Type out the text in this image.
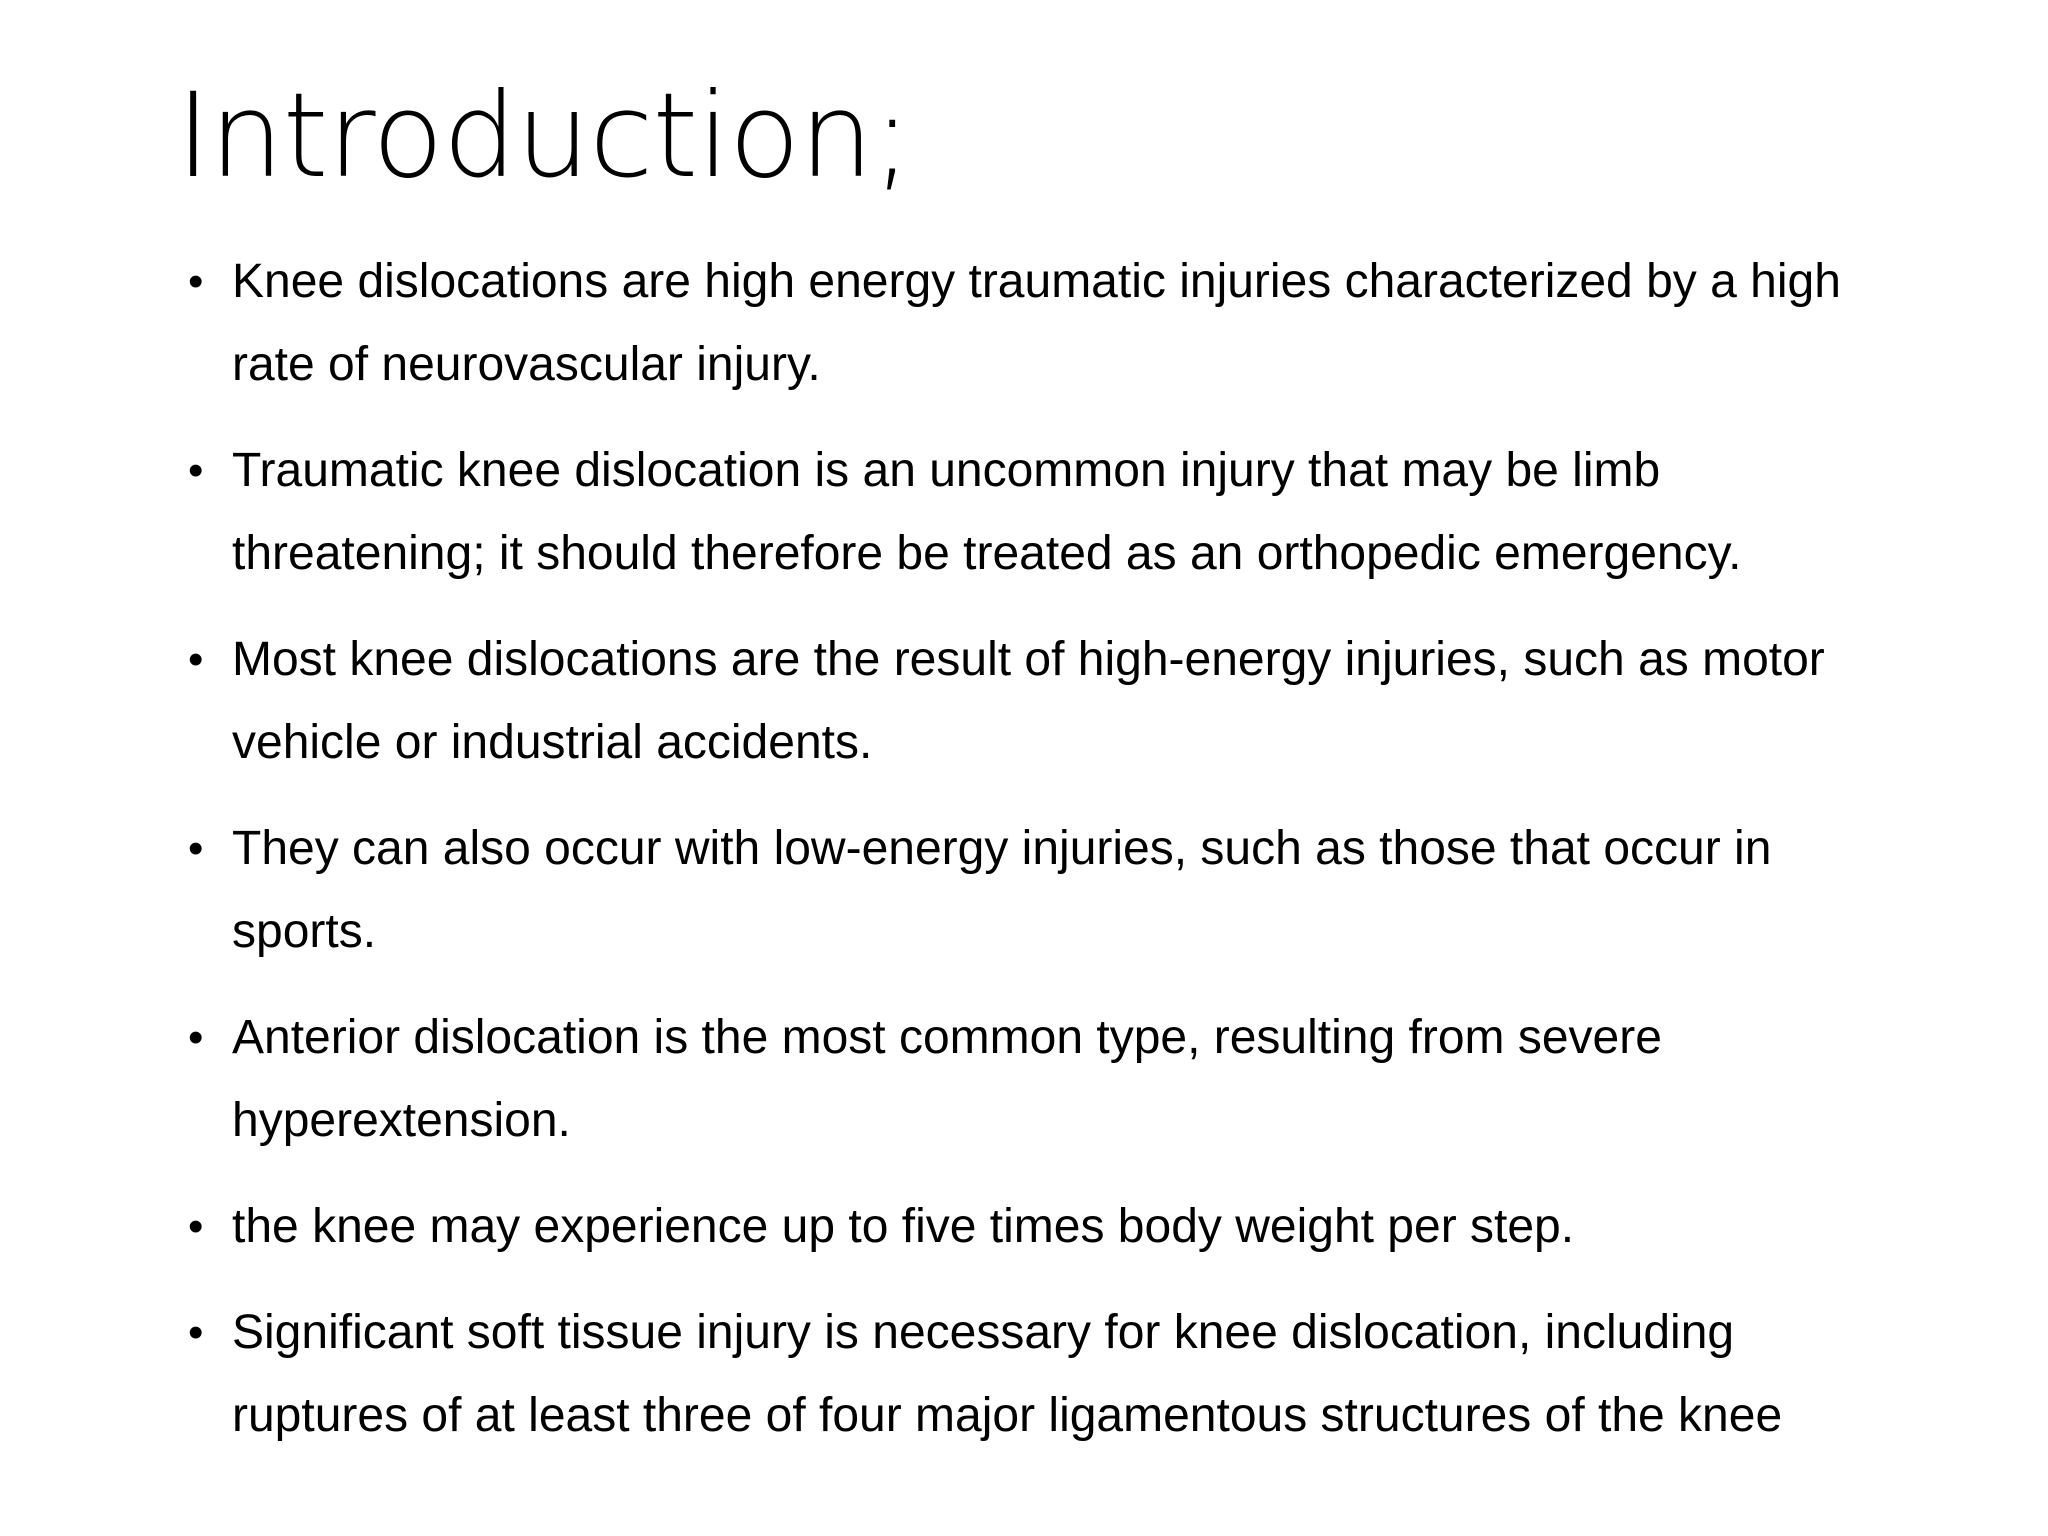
Introduction;
• Knee dislocations are high energy traumatic injuries characterized by a high
rate of neurovascular injury.
• Traumatic knee dislocation is an uncommon injury that may be limb
threatening; it should therefore be treated as an orthopedic emergency.
• Most knee dislocations are the result of high-energy injuries, such as motor
vehicle or industrial accidents.
• They can also occur with low-energy injuries, such as those that occur in
sports.
• Anterior dislocation is the most common type, resulting from severe
hyperextension.
• the knee may experience up to five times body weight per step.
• Significant soft tissue injury is necessary for knee dislocation, including
ruptures of at least three of four major ligamentous structures of the knee
